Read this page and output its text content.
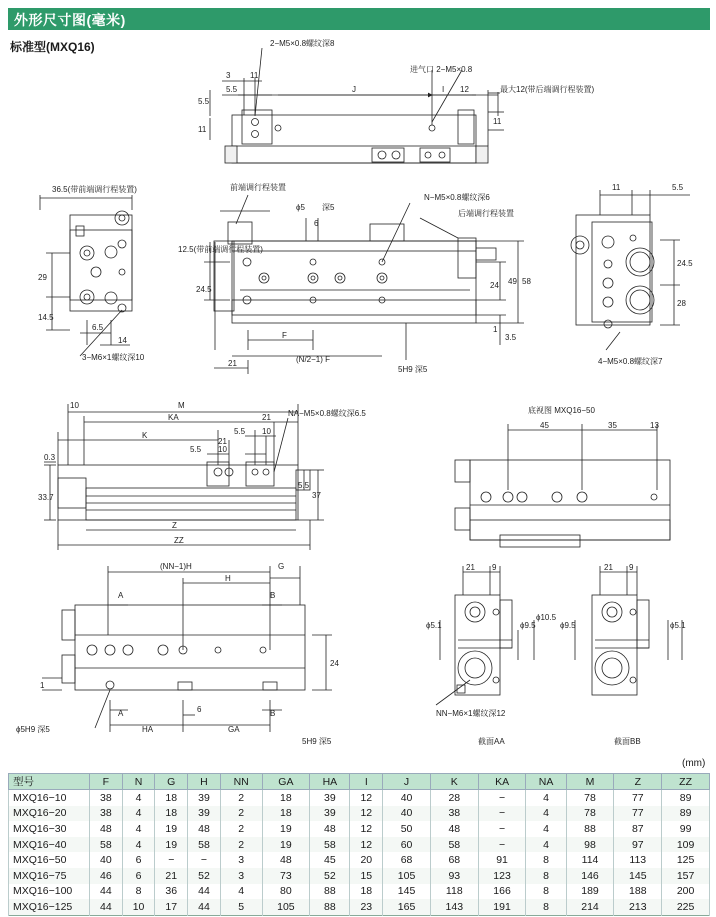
外形尺寸图(毫米)
标准型(MXQ16)	2−M5×0.8螺纹深8
进气口 2−M5×0.8
最大12(带后端调行程装置)
3 11
5.5	J	I 12
5.5
11
11
36.5(带前端调行程装置)
29
14.5
6.5
14
3−M6×1螺纹深10
前端调行程装置
ϕ5 深5
6
N−M5×0.8螺纹深6
后端调行程装置
12.5(带前端调行程装置)
24.5
F
21	(N/2−1) F
5H9 深5
24 49 58
1
3.5
11	5.5
24.5
28
4−M5×0.8螺纹深7
M
10
KA
K
21
5.5 10
21
5.5 10
NA−M5×0.8螺纹深6.5
0.3
33.7
5.5
37
Z
ZZ
底视图 MXQ16−50
45	35	13
(NN−1)H
H
G
A	B
A	B
HA
6
GA
1
24
ϕ5H9 深5
5H9 深5
21 9
ϕ5.1	ϕ9.5
ϕ10.5
NN−M6×1螺纹深12
截面AA
21 9
ϕ9.5	ϕ5.1
截面BB
(mm)
型号	F	N	G	H	NN	GA	HA	I	J	K	KA	NA	M	Z	ZZ
MXQ16−10	38	4	18	39	2	18	39	12	40	28	−	4	78	77	89
MXQ16−20	38	4	18	39	2	18	39	12	40	38	−	4	78	77	89
MXQ16−30	48	4	19	48	2	19	48	12	50	48	−	4	88	87	99
MXQ16−40	58	4	19	58	2	19	58	12	60	58	−	4	98	97	109
MXQ16−50	40	6	−	−	3	48	45	20	68	68	91	8	114	113	125
MXQ16−75	46	6	21	52	3	73	52	15	105	93	123	8	146	145	157
MXQ16−100	44	8	36	44	4	80	88	18	145	118	166	8	189	188	200
MXQ16−125	44	10	17	44	5	105	88	23	165	143	191	8	214	213	225
